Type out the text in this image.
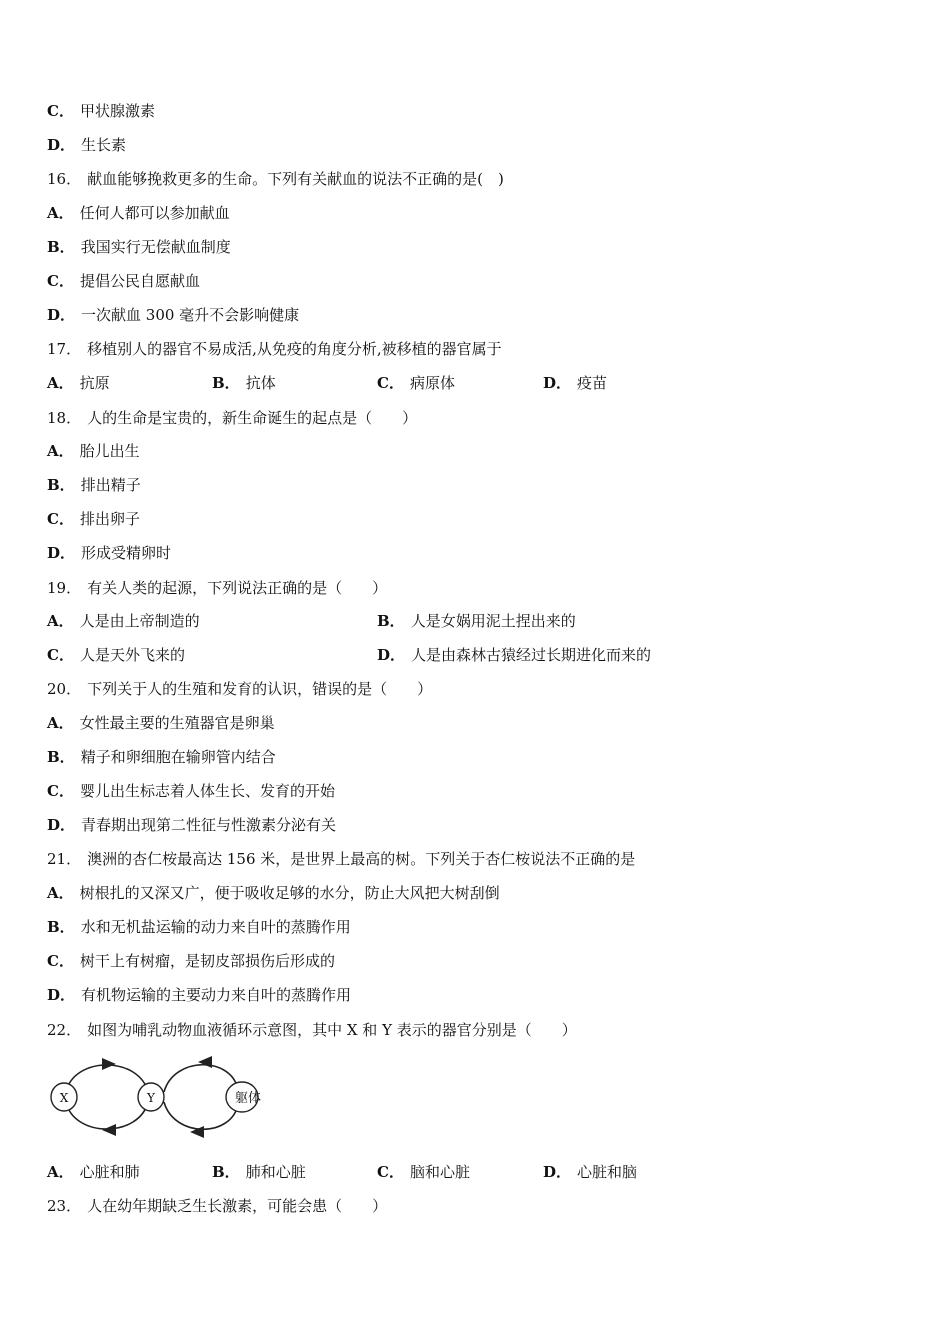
C． 甲状腺激素
D． 生长素
16． 献血能够挽救更多的生命。下列有关献血的说法不正确的是(　)
A． 任何人都可以参加献血
B． 我国实行无偿献血制度
C． 提倡公民自愿献血
D． 一次献血 300 毫升不会影响健康
17． 移植别人的器官不易成活,从免疫的角度分析,被移植的器官属于
A． 抗原	B． 抗体	C． 病原体	D． 疫苗
18． 人的生命是宝贵的，新生命诞生的起点是（　　）
A． 胎儿出生
B． 排出精子
C． 排出卵子
D． 形成受精卵时
19． 有关人类的起源，下列说法正确的是（　　）
A． 人是由上帝制造的	B． 人是女娲用泥土捏出来的
C． 人是天外飞来的	D． 人是由森林古猿经过长期进化而来的
20． 下列关于人的生殖和发育的认识，错误的是（　　）
A． 女性最主要的生殖器官是卵巢
B． 精子和卵细胞在输卵管内结合
C． 婴儿出生标志着人体生长、发育的开始
D． 青春期出现第二性征与性激素分泌有关
21． 澳洲的杏仁桉最高达 156 米，是世界上最高的树。下列关于杏仁桉说法不正确的是
A． 树根扎的又深又广，便于吸收足够的水分，防止大风把大树刮倒
B． 水和无机盐运输的动力来自叶的蒸腾作用
C． 树干上有树瘤，是韧皮部损伤后形成的
D． 有机物运输的主要动力来自叶的蒸腾作用
22． 如图为哺乳动物血液循环示意图，其中 X 和 Y 表示的器官分别是（　　）
X	Y	躯体
A． 心脏和肺	B． 肺和心脏	C． 脑和心脏	D． 心脏和脑
23． 人在幼年期缺乏生长激素，可能会患（　　）
